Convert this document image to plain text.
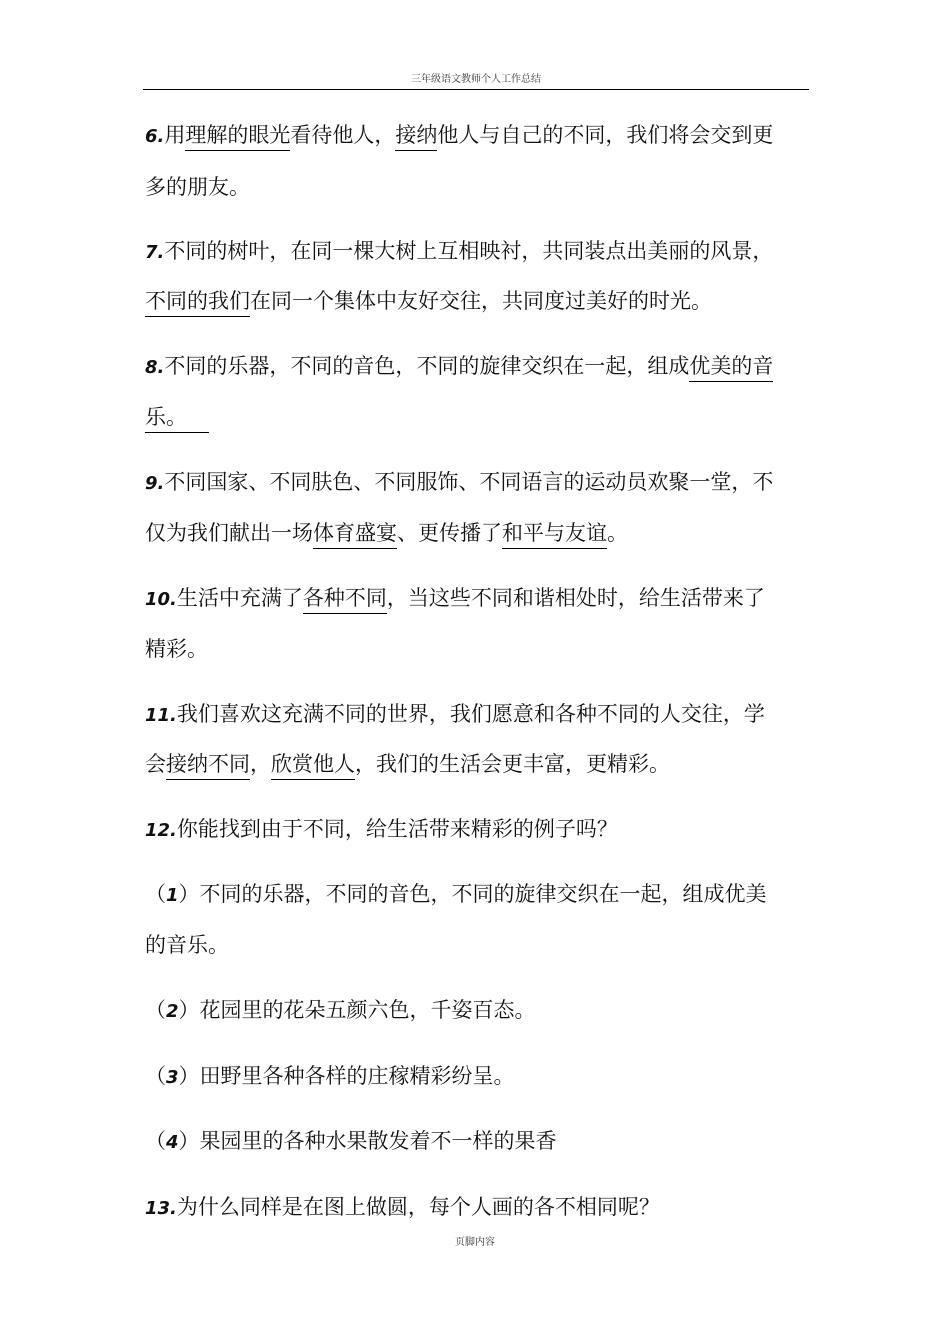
三年级语文教师个人工作总结
6.用理解的眼光看待他人，接纳他人与自己的不同，我们将会交到更
多的朋友。
7.不同的树叶，在同一棵大树上互相映衬，共同装点出美丽的风景，
不同的我们在同一个集体中友好交往，共同度过美好的时光。
8.不同的乐器，不同的音色，不同的旋律交织在一起，组成优美的音
乐。
9.不同国家、不同肤色、不同服饰、不同语言的运动员欢聚一堂，不
仅为我们献出一场体育盛宴、更传播了和平与友谊。
10.生活中充满了各种不同，当这些不同和谐相处时，给生活带来了
精彩。
11.我们喜欢这充满不同的世界，我们愿意和各种不同的人交往，学
会接纳不同，欣赏他人，我们的生活会更丰富，更精彩。
12.你能找到由于不同，给生活带来精彩的例子吗？
（1）不同的乐器，不同的音色，不同的旋律交织在一起，组成优美
的音乐。
（2）花园里的花朵五颜六色，千姿百态。
（3）田野里各种各样的庄稼精彩纷呈。
（4）果园里的各种水果散发着不一样的果香
13.为什么同样是在图上做圆，每个人画的各不相同呢？
页脚内容
